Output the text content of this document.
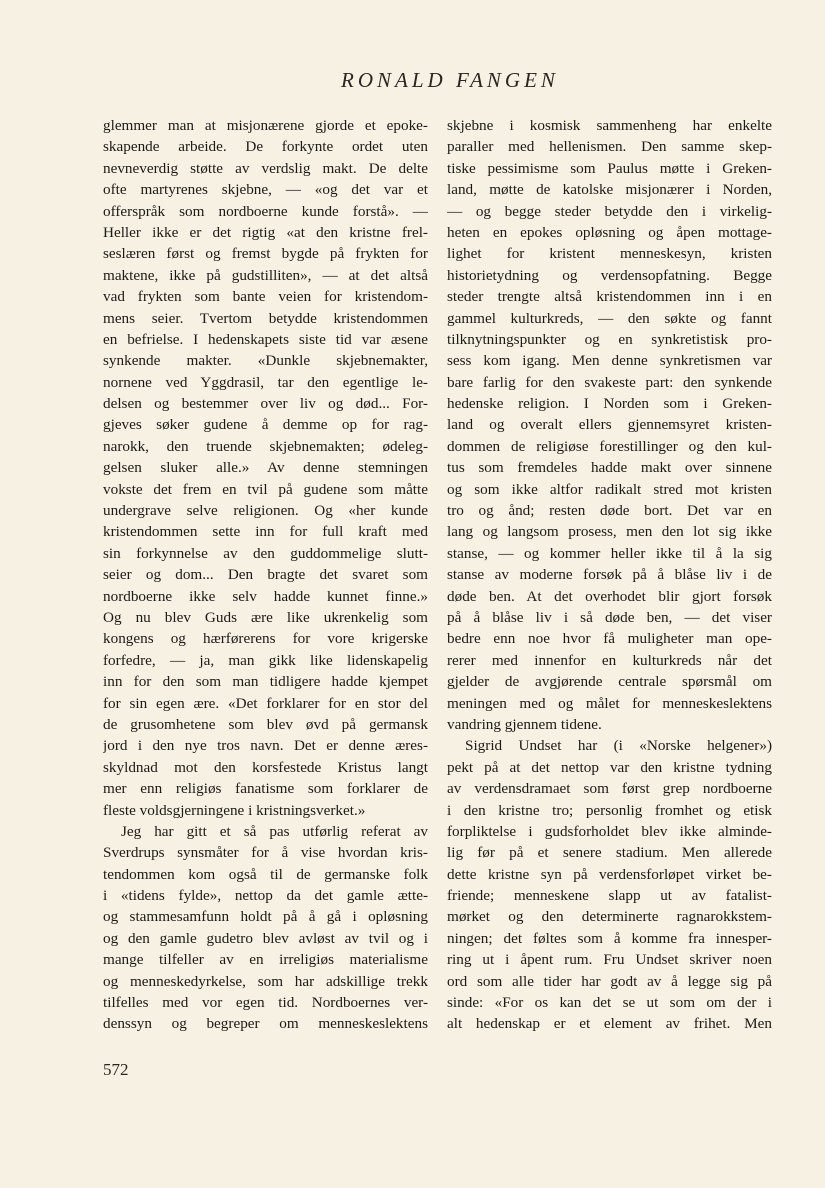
RONALD FANGEN
glemmer man at misjonærene gjorde et epoke-
skapende arbeide. De forkynte ordet uten
nevneverdig støtte av verdslig makt. De delte
ofte martyrenes skjebne, — «og det var et
offerspråk som nordboerne kunde forstå». —
Heller ikke er det rigtig «at den kristne frel-
seslæren først og fremst bygde på frykten for
maktene, ikke på gudstilliten», — at det altså
vad frykten som bante veien for kristendom-
mens seier. Tvertom betydde kristendommen
en befrielse. I hedenskapets siste tid var æsene
synkende makter. «Dunkle skjebnemakter,
nornene ved Yggdrasil, tar den egentlige le-
delsen og bestemmer over liv og død... For-
gjeves søker gudene å demme op for rag-
narokk, den truende skjebnemakten; ødeleg-
gelsen sluker alle.» Av denne stemningen
vokste det frem en tvil på gudene som måtte
undergrave selve religionen. Og «her kunde
kristendommen sette inn for full kraft med
sin forkynnelse av den guddommelige slutt-
seier og dom... Den bragte det svaret som
nordboerne ikke selv hadde kunnet finne.»
Og nu blev Guds ære like ukrenkelig som
kongens og hærførerens for vore krigerske
forfedre, — ja, man gikk like lidenskapelig
inn for den som man tidligere hadde kjempet
for sin egen ære. «Det forklarer for en stor del
de grusomhetene som blev øvd på germansk
jord i den nye tros navn. Det er denne æres-
skyldnad mot den korsfestede Kristus langt
mer enn religiøs fanatisme som forklarer de
fleste voldsgjerningene i kristningsverket.»
Jeg har gitt et så pas utførlig referat av
Sverdrups synsmåter for å vise hvordan kris-
tendommen kom også til de germanske folk
i «tidens fylde», nettop da det gamle ætte-
og stammesamfunn holdt på å gå i opløsning
og den gamle gudetro blev avløst av tvil og i
mange tilfeller av en irreligiøs materialisme
og menneskedyrkelse, som har adskillige trekk
tilfelles med vor egen tid. Nordboernes ver-
denssyn og begreper om menneskeslektens
skjebne i kosmisk sammenheng har enkelte
paraller med hellenismen. Den samme skep-
tiske pessimisme som Paulus møtte i Greken-
land, møtte de katolske misjonærer i Norden,
— og begge steder betydde den i virkelig-
heten en epokes opløsning og åpen mottage-
lighet for kristent menneskesyn, kristen
historietydning og verdensopfatning. Begge
steder trengte altså kristendommen inn i en
gammel kulturkreds, — den søkte og fannt
tilknytningspunkter og en synkretistisk pro-
sess kom igang. Men denne synkretismen var
bare farlig for den svakeste part: den synkende
hedenske religion. I Norden som i Greken-
land og overalt ellers gjennemsyret kristen-
dommen de religiøse forestillinger og den kul-
tus som fremdeles hadde makt over sinnene
og som ikke altfor radikalt stred mot kristen
tro og ånd; resten døde bort. Det var en
lang og langsom prosess, men den lot sig ikke
stanse, — og kommer heller ikke til å la sig
stanse av moderne forsøk på å blåse liv i de
døde ben. At det overhodet blir gjort forsøk
på å blåse liv i så døde ben, — det viser
bedre enn noe hvor få muligheter man ope-
rerer med innenfor en kulturkreds når det
gjelder de avgjørende centrale spørsmål om
meningen med og målet for menneskeslektens
vandring gjennem tidene.
Sigrid Undset har (i «Norske helgener»)
pekt på at det nettop var den kristne tydning
av verdensdramaet som først grep nordboerne
i den kristne tro; personlig fromhet og etisk
forpliktelse i gudsforholdet blev ikke alminde-
lig før på et senere stadium. Men allerede
dette kristne syn på verdensforløpet virket be-
friende; menneskene slapp ut av fatalist-
mørket og den determinerte ragnarokkstem-
ningen; det føltes som å komme fra innesper-
ring ut i åpent rum. Fru Undset skriver noen
ord som alle tider har godt av å legge sig på
sinde: «For os kan det se ut som om der i
alt hedenskap er et element av frihet. Men
572
